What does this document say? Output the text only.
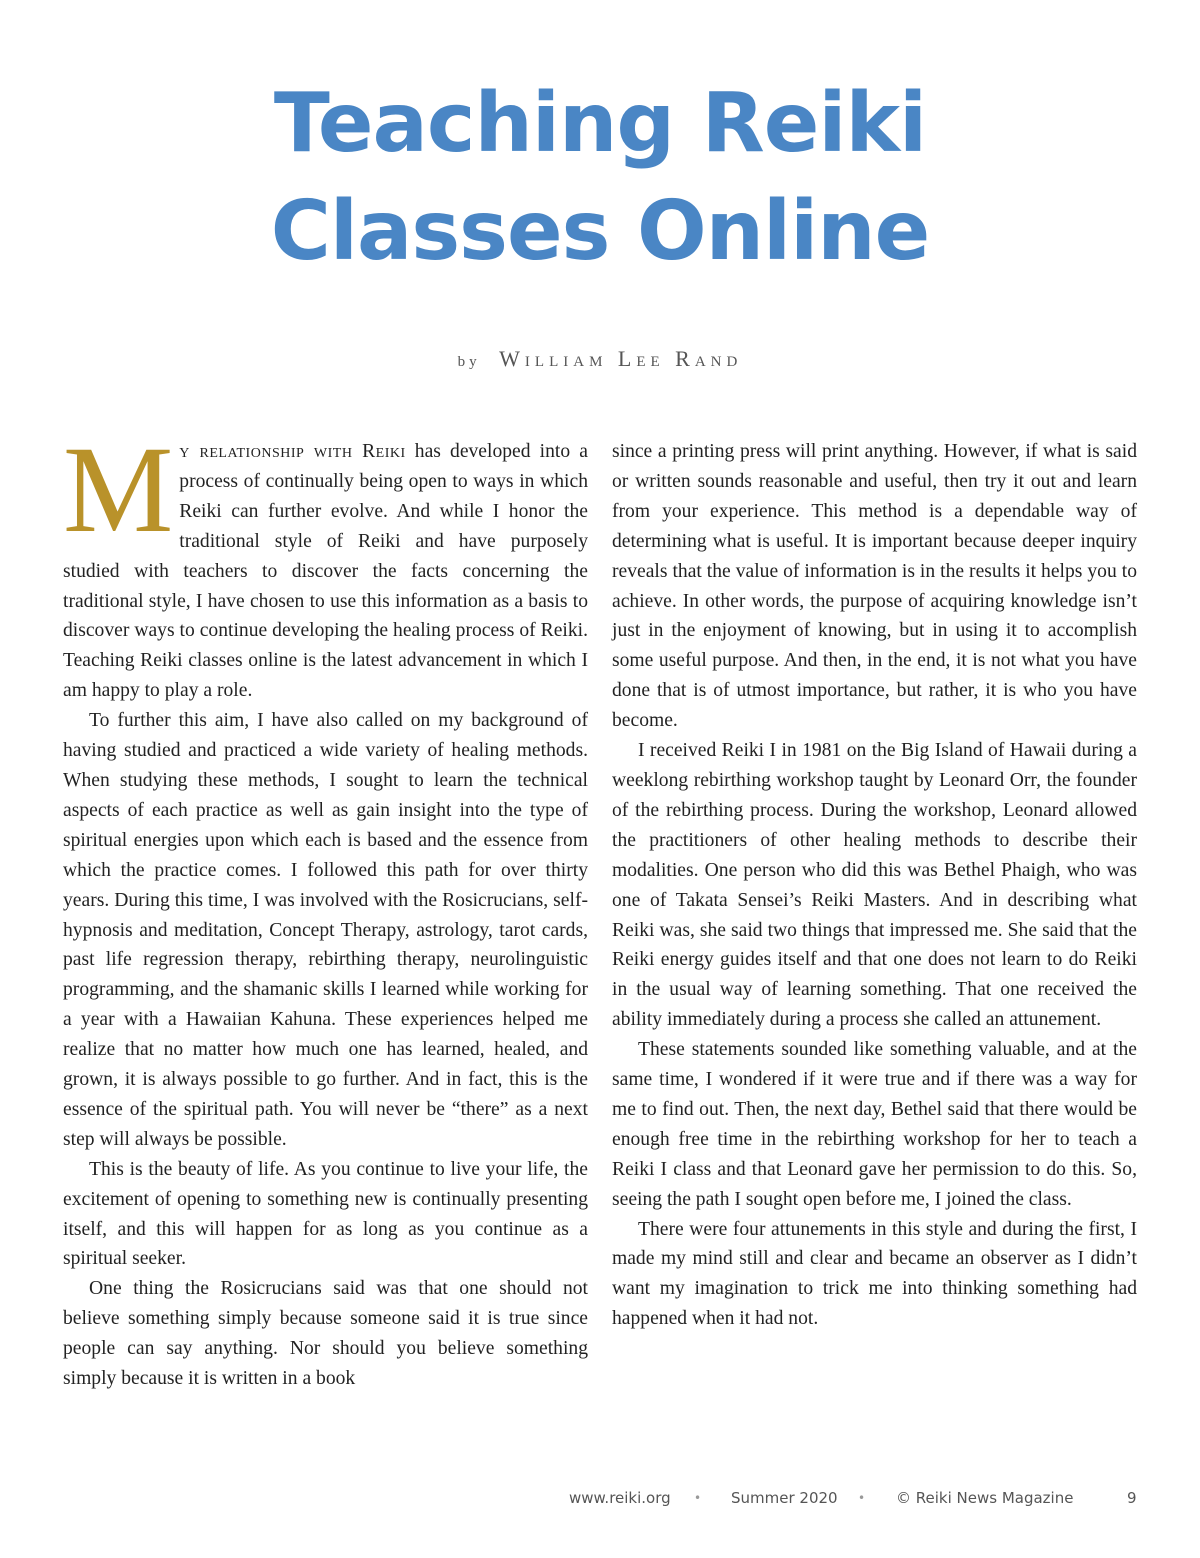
Teaching Reiki
Classes Online
by William Lee Rand

My relationship with Reiki has developed into a process of continually being open to ways in which Reiki can further evolve. And while I honor the traditional style of Reiki and have purposely studied with teachers to discover the facts concerning the traditional style, I have chosen to use this information as a basis to discover ways to continue developing the healing process of Reiki. Teaching Reiki classes online is the latest advancement in which I am happy to play a role.

To further this aim, I have also called on my background of having studied and practiced a wide variety of healing methods. When studying these methods, I sought to learn the technical aspects of each practice as well as gain insight into the type of spiritual energies upon which each is based and the essence from which the practice comes. I followed this path for over thirty years. During this time, I was involved with the Rosicrucians, self-hypnosis and meditation, Concept Therapy, astrology, tarot cards, past life regression therapy, rebirthing therapy, neurolinguistic programming, and the shamanic skills I learned while working for a year with a Hawaiian Kahuna. These experiences helped me realize that no matter how much one has learned, healed, and grown, it is always possible to go further. And in fact, this is the essence of the spiritual path. You will never be “there” as a next step will always be possible.

This is the beauty of life. As you continue to live your life, the excitement of opening to something new is continually presenting itself, and this will happen for as long as you continue as a spiritual seeker.

One thing the Rosicrucians said was that one should not believe something simply because someone said it is true since people can say anything. Nor should you believe something simply because it is written in a book

since a printing press will print anything. However, if what is said or written sounds reasonable and useful, then try it out and learn from your experience. This method is a dependable way of determining what is useful. It is important because deeper inquiry reveals that the value of information is in the results it helps you to achieve. In other words, the purpose of acquiring knowledge isn’t just in the enjoyment of knowing, but in using it to accomplish some useful purpose. And then, in the end, it is not what you have done that is of utmost importance, but rather, it is who you have become.

I received Reiki I in 1981 on the Big Island of Hawaii during a weeklong rebirthing workshop taught by Leonard Orr, the founder of the rebirthing process. During the workshop, Leonard allowed the practitioners of other healing methods to describe their modalities. One person who did this was Bethel Phaigh, who was one of Takata Sensei’s Reiki Masters. And in describing what Reiki was, she said two things that impressed me. She said that the Reiki energy guides itself and that one does not learn to do Reiki in the usual way of learning something. That one received the ability immediately during a process she called an attunement.

These statements sounded like something valuable, and at the same time, I wondered if it were true and if there was a way for me to find out. Then, the next day, Bethel said that there would be enough free time in the rebirthing workshop for her to teach a Reiki I class and that Leonard gave her permission to do this. So, seeing the path I sought open before me, I joined the class.

There were four attunements in this style and during the first, I made my mind still and clear and became an observer as I didn’t want my imagination to trick me into thinking something had happened when it had not.

www.reiki.org • Summer 2020 • © Reiki News Magazine	9
